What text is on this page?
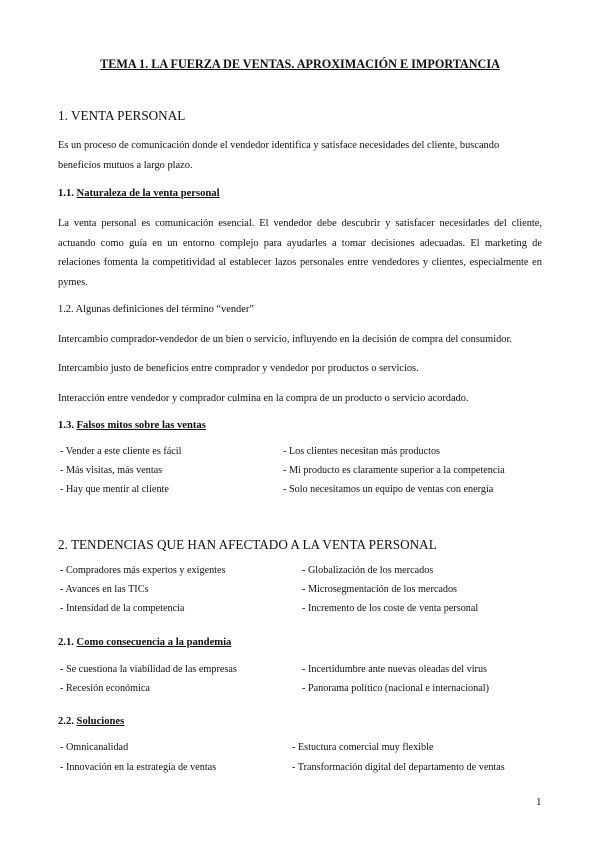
TEMA 1. LA FUERZA DE VENTAS. APROXIMACIÓN E IMPORTANCIA
1. VENTA PERSONAL
Es un proceso de comunicación donde el vendedor identifica y satisface necesidades del cliente, buscando beneficios mutuos a largo plazo.
1.1. Naturaleza de la venta personal
La venta personal es comunicación esencial. El vendedor debe descubrir y satisfacer necesidades del cliente, actuando como guía en un entorno complejo para ayudarles a tomar decisiones adecuadas. El marketing de relaciones fomenta la competitividad al establecer lazos personales entre vendedores y clientes, especialmente en pymes.
1.2. Algunas definiciones del término “vender”
Intercambio comprador-vendedor de un bien o servicio, influyendo en la decisión de compra del consumidor.
Intercambio justo de beneficios entre comprador y vendedor por productos o servicios.
Interacción entre vendedor y comprador culmina en la compra de un producto o servicio acordado.
1.3. Falsos mitos sobre las ventas
- Vender a este cliente es fácil
- Más visitas, más ventas
- Hay que mentir al cliente
- Los clientes necesitan más productos
- Mi producto es claramente superior a la competencia
- Solo necesitamos un equipo de ventas con energía
2. TENDENCIAS QUE HAN AFECTADO A LA VENTA PERSONAL
- Compradores más expertos y exigentes
- Avances en las TICs
- Intensidad de la competencia
- Globalización de los mercados
- Microsegmentación de los mercados
- Incremento de los coste de venta personal
2.1. Como consecuencia a la pandemia
- Se cuestiona la viabilidad de las empresas
- Recesión económica
- Incertidumbre ante nuevas oleadas del virus
- Panorama político (nacional e internacional)
2.2. Soluciones
- Omnicanalidad
- Innovación en la estrategia de ventas
- Estuctura comercial muy flexible
- Transformación digital del departamento de ventas
1
